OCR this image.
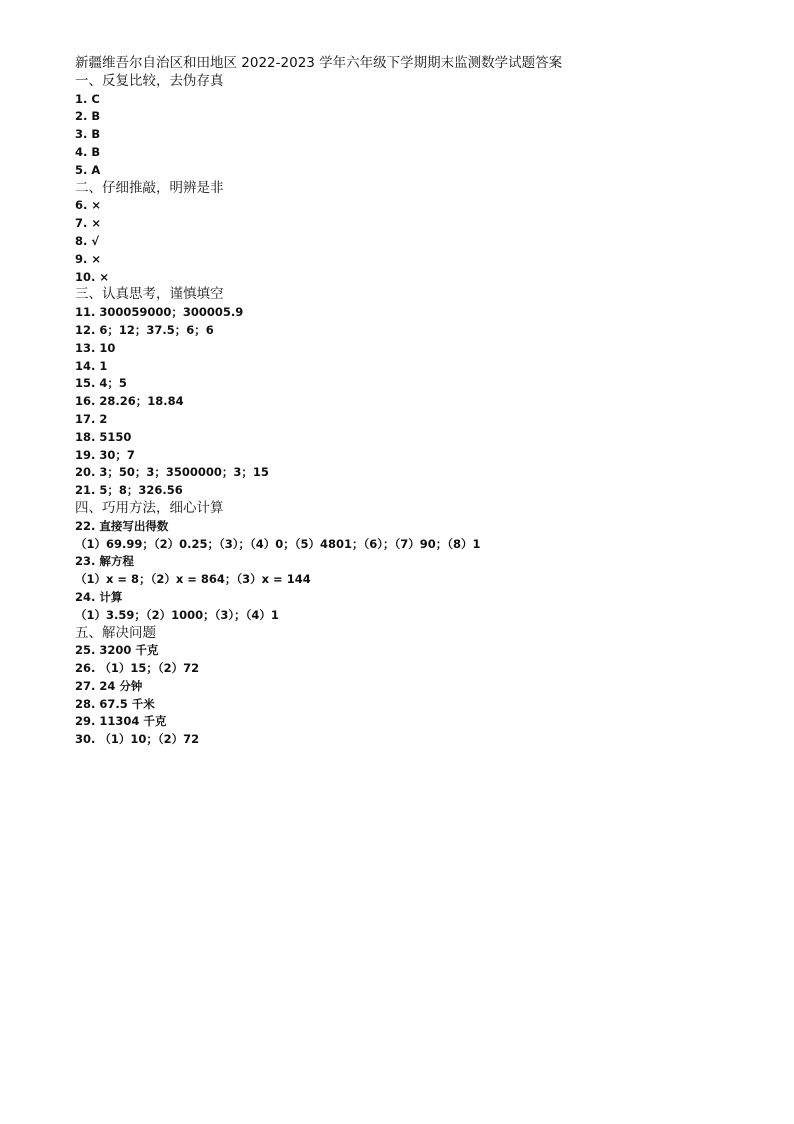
新疆维吾尔自治区和田地区 2022-2023 学年六年级下学期期末监测数学试题答案
一、反复比较，去伪存真
1. C
2. B
3. B
4. B
5. A
二、仔细推敲，明辨是非
6. ×
7. ×
8. √
9. ×
10. ×
三、认真思考，谨慎填空
11. 300059000；300005.9
12. 6；12；37.5；6；6
13. 10
14. 1
15. 4；5
16. 28.26；18.84
17. 2
18. 5150
19. 30；7
20. 3；50；3；3500000；3；15
21. 5；8；326.56
四、巧用方法，细心计算
22. 直接写出得数
（1）69.99；（2）0.25；（3）；（4）0；（5）4801；（6）；（7）90；（8）1
23. 解方程
（1）x = 8；（2）x = 864；（3）x = 144
24. 计算
（1）3.59；（2）1000；（3）；（4）1
五、解决问题
25. 3200 千克
26. （1）15；（2）72
27. 24 分钟
28. 67.5 千米
29. 11304 千克
30. （1）10；（2）72
